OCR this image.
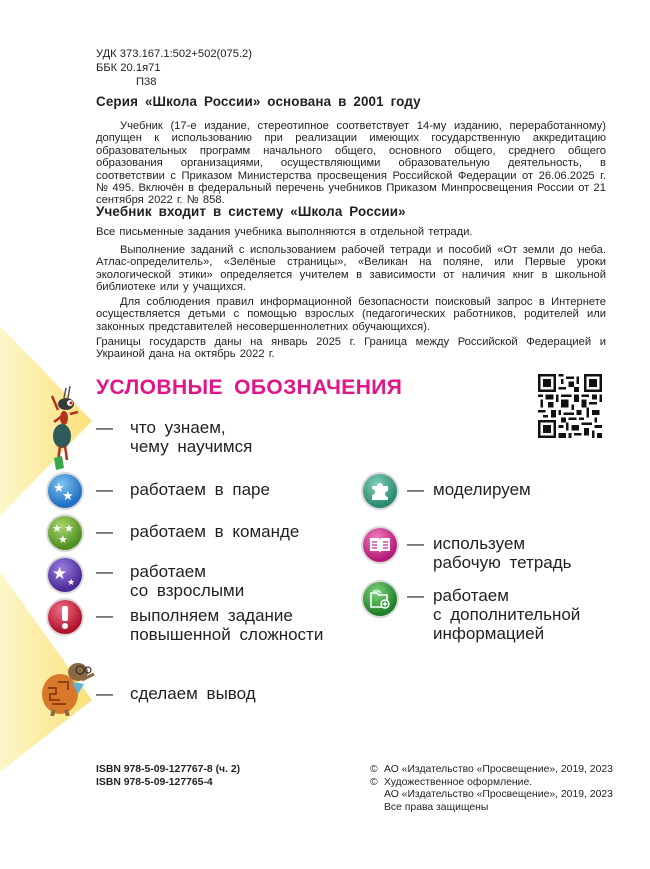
УДК 373.167.1:502+502(075.2)
ББК 20.1я71
П38
Серия «Школа России» основана в 2001 году
Учебник (17-е издание, стереотипное соответствует 14-му изданию, переработанному) допущен к использованию при реализации имеющих государственную аккредитацию образовательных программ начального общего, основного общего, среднего общего образования организациями, осуществляющими образовательную деятельность, в соответствии с Приказом Министерства просвещения Российской Федерации от 26.06.2025 г. № 495. Включён в федеральный перечень учебников Приказом Минпросвещения России от 21 сентября 2022 г. № 858.
Учебник входит в систему «Школа России»
Все письменные задания учебника выполняются в отдельной тетради.
Выполнение заданий с использованием рабочей тетради и пособий «От земли до неба. Атлас-определитель», «Зелёные страницы», «Великан на поляне, или Первые уроки экологической этики» определяется учителем в зависимости от наличия книг в школьной библиотеке или у учащихся.
Для соблюдения правил информационной безопасности поисковый запрос в Интернете осуществляется детьми с помощью взрослых (педагогических работников, родителей или законных представителей несовершеннолетних обучающихся).
Границы государств даны на январь 2025 г. Граница между Российской Федерацией и Украиной дана на октябрь 2022 г.
УСЛОВНЫЕ ОБОЗНАЧЕНИЯ
—	что узнаем,
чему научимся
★
★ —	работаем в паре
★ ★
★ —	работаем в команде
★ ★
—	работаем
со взрослыми
—	выполняем задание
повышенной сложности
—	сделаем вывод
— моделируем
— используем
рабочую тетрадь
— работаем
с дополнительной
информацией
ISBN 978-5-09-127767-8 (ч. 2)
ISBN 978-5-09-127765-4
© АО «Издательство «Просвещение», 2019, 2023
© Художественное оформление.
АО «Издательство «Просвещение», 2019, 2023
Все права защищены
